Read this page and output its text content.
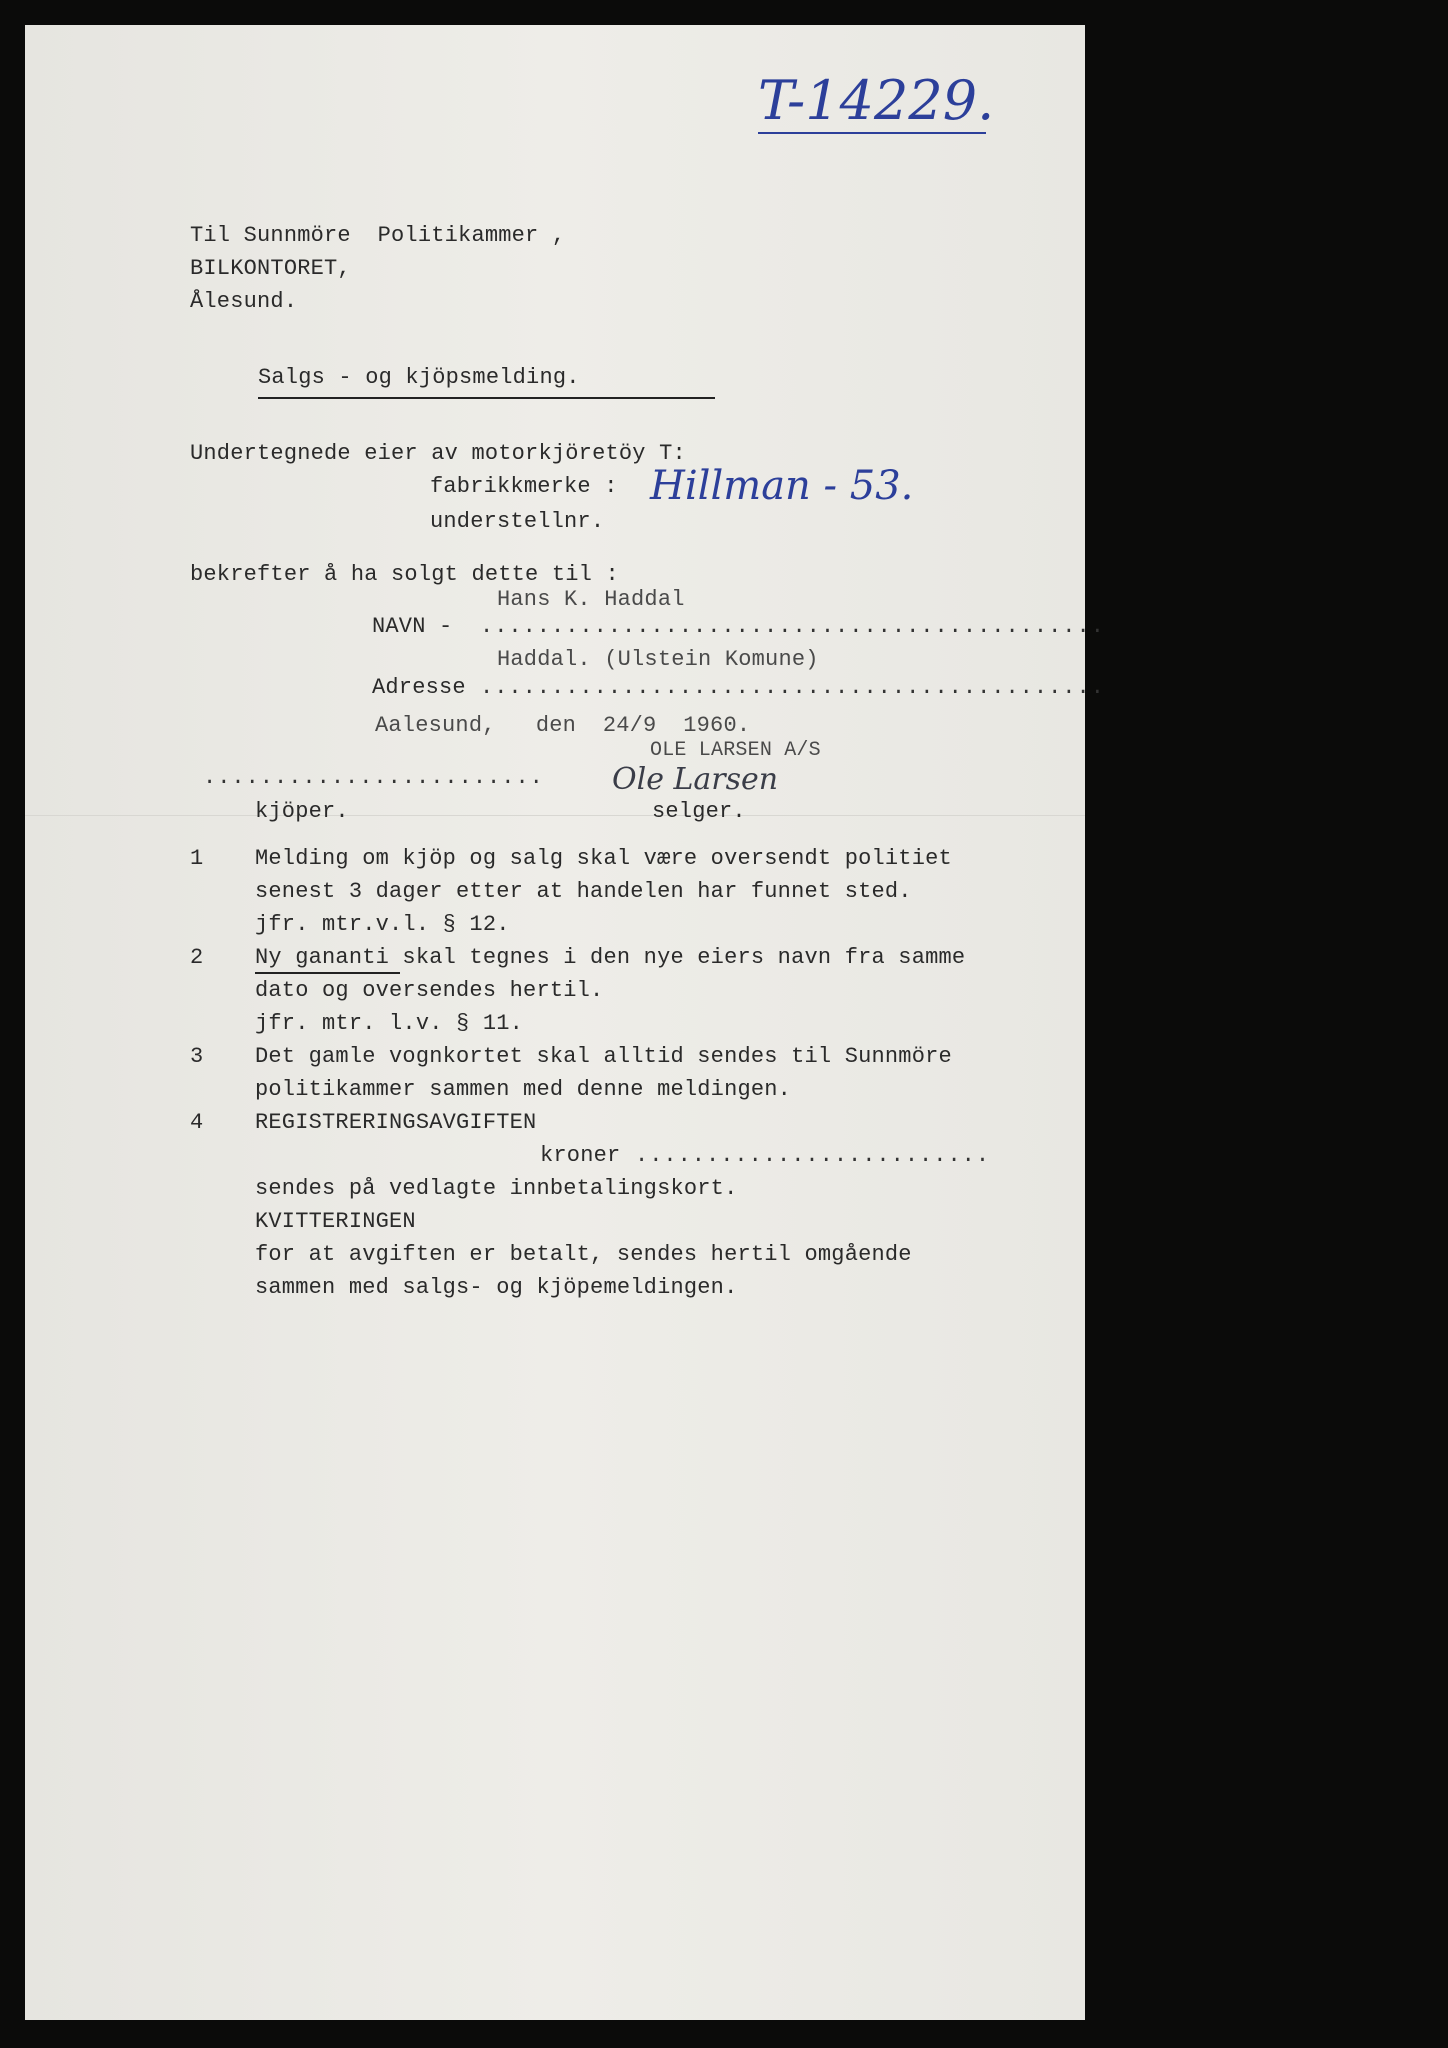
T-14229.
Til Sunnmöre  Politikammer ,
BILKONTORET,
Ålesund.
Salgs - og kjöpsmelding.
Undertegnede eier av motorkjöretöy T:
fabrikkmerke : Hillman - 53.
understellnr.
bekrefter å ha solgt dette til :
Hans K. Haddal
NAVN - ............................................
Haddal. (Ulstein Komune)
Adresse ............................................
Aalesund,   den  24/9  1960.
OLE LARSEN A/S
........................ Ole Larsen
kjöper.	selger.
1 Melding om kjöp og salg skal være oversendt politiet
senest 3 dager etter at handelen har funnet sted.
jfr. mtr.v.l. § 12.
2 Ny gananti skal tegnes i den nye eiers navn fra samme
dato og oversendes hertil.
jfr. mtr. l.v. § 11.
3 Det gamle vognkortet skal alltid sendes til Sunnmöre
politikammer sammen med denne meldingen.
4 REGISTRERINGSAVGIFTEN
kroner .........................
sendes på vedlagte innbetalingskort.
KVITTERINGEN
for at avgiften er betalt, sendes hertil omgående
sammen med salgs- og kjöpemeldingen.
